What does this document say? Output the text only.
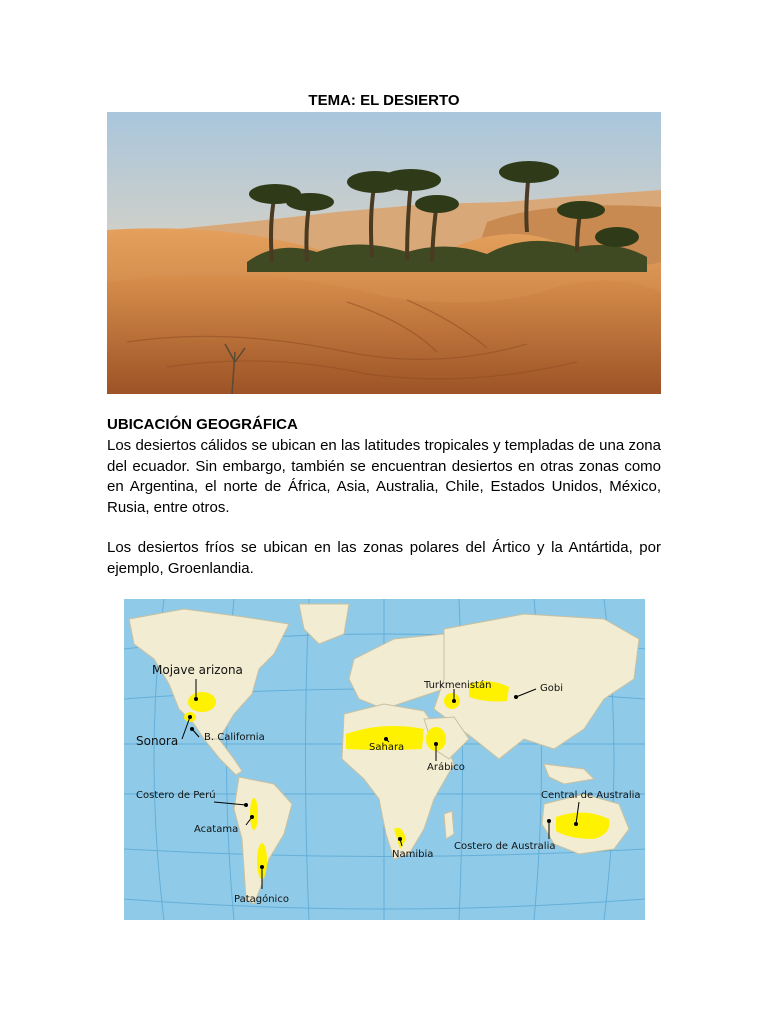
TEMA: EL DESIERTO
UBICACIÓN GEOGRÁFICA
Los desiertos cálidos se ubican en las latitudes tropicales y templadas de una zona del ecuador. Sin embargo, también se encuentran desiertos en otras zonas como en Argentina, el norte de África, Asia, Australia, Chile, Estados Unidos, México, Rusia, entre otros.
Los desiertos fríos se ubican en las zonas polares del Ártico y la Antártida, por ejemplo, Groenlandia.
Mojave arizona
Sonora	B. California
Costero de Perú
Acatama
Patagónico
Sahara
Arábico
Namibia
Turkmenistán	Gobi
Central de Australia
Costero de Australia
